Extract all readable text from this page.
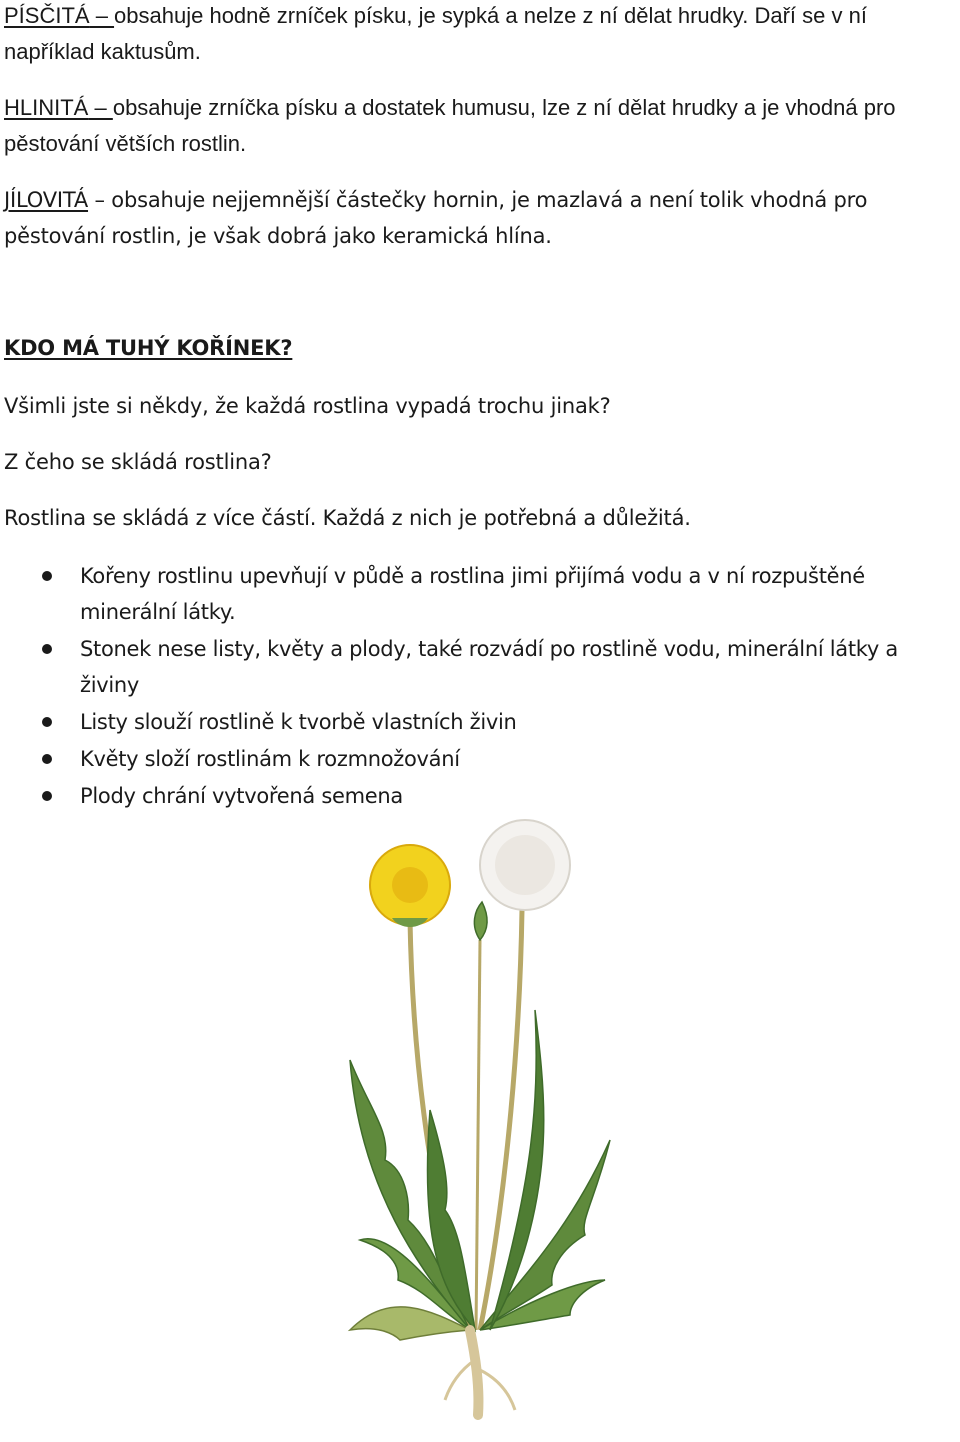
PÍSČITÁ – obsahuje hodně zrníček písku, je sypká a nelze z ní dělat hrudky. Daří se v ní například kaktusům.

HLINITÁ – obsahuje zrníčka písku a dostatek humusu, lze z ní dělat hrudky a je vhodná pro pěstování větších rostlin.

JÍLOVITÁ – obsahuje nejjemnější částečky hornin, je mazlavá a není tolik vhodná pro pěstování rostlin, je však dobrá jako keramická hlína.

KDO MÁ TUHÝ KOŘÍNEK?

Všimli jste si někdy, že každá rostlina vypadá trochu jinak?

Z čeho se skládá rostlina?

Rostlina se skládá z více částí. Každá z nich je potřebná a důležitá.

Kořeny rostlinu upevňují v půdě a rostlina jimi přijímá vodu a v ní rozpuštěné minerální látky.
Stonek nese listy, květy a plody, také rozvádí po rostlině vodu, minerální látky a živiny
Listy slouží rostlině k tvorbě vlastních živin
Květy složí rostlinám k rozmnožování
Plody chrání vytvořená semena
